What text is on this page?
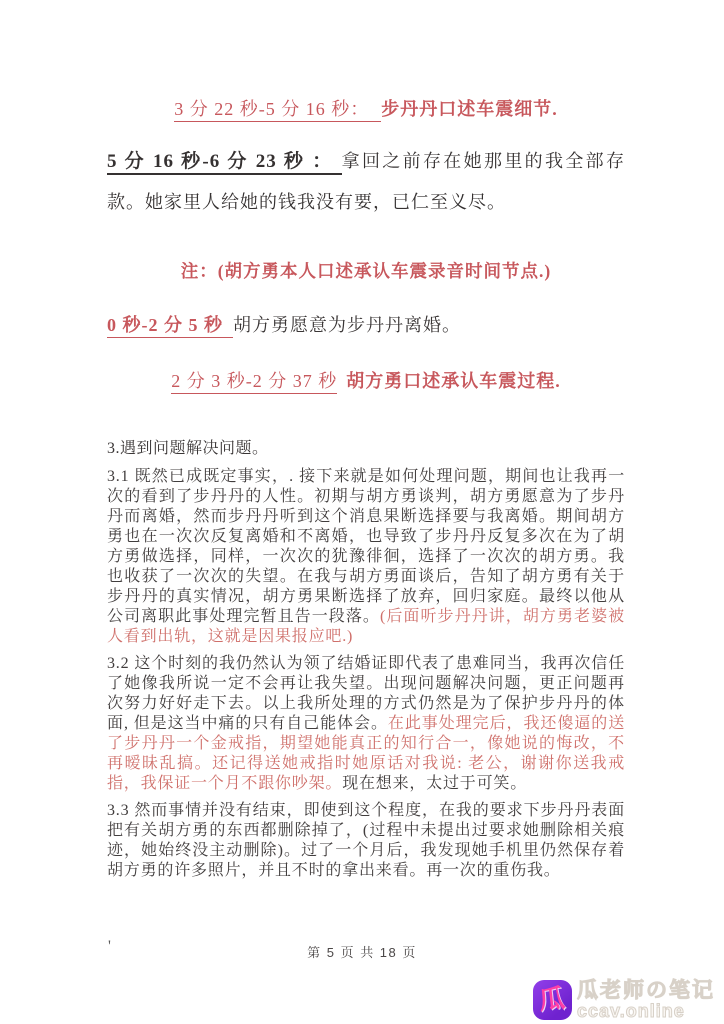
3 分 22 秒-5 分 16 秒： 步丹丹口述车震细节.

5 分 16 秒-6 分 23 秒 ： 拿回之前存在她那里的我全部存款。她家里人给她的钱我没有要，已仁至义尽。

注：(胡方勇本人口述承认车震录音时间节点.)
0 秒-2 分 5 秒 胡方勇愿意为步丹丹离婚。
2 分 3 秒-2 分 37 秒 胡方勇口述承认车震过程.
3.遇到问题解决问题。

3.1 既然已成既定事实，. 接下来就是如何处理问题，期间也让我再一次的看到了步丹丹的人性。初期与胡方勇谈判，胡方勇愿意为了步丹丹而离婚，然而步丹丹听到这个消息果断选择要与我离婚。期间胡方勇也在一次次反复离婚和不离婚，也导致了步丹丹反复多次在为了胡方勇做选择，同样，一次次的犹豫徘徊，选择了一次次的胡方勇。我也收获了一次次的失望。在我与胡方勇面谈后，告知了胡方勇有关于步丹丹的真实情况，胡方勇果断选择了放弃，回归家庭。最终以他从公司离职此事处理完暂且告一段落。(后面听步丹丹讲，胡方勇老婆被人看到出轨，这就是因果报应吧.)

3.2 这个时刻的我仍然认为领了结婚证即代表了患难同当，我再次信任了她像我所说一定不会再让我失望。出现问题解决问题，更正问题再次努力好好走下去。以上我所处理的方式仍然是为了保护步丹丹的体面, 但是这当中痛的只有自己能体会。在此事处理完后，我还傻逼的送了步丹丹一个金戒指，期望她能真正的知行合一，像她说的悔改，不再暧昧乱搞。还记得送她戒指时她原话对我说: 老公，谢谢你送我戒指，我保证一个月不跟你吵架。现在想来，太过于可笑。

3.3 然而事情并没有结束，即使到这个程度，在我的要求下步丹丹表面把有关胡方勇的东西都删除掉了，(过程中未提出过要求她删除相关痕迹，她始终没主动删除)。过了一个月后，我发现她手机里仍然保存着胡方勇的许多照片，并且不时的拿出来看。再一次的重伤我。

'	第 5 页 共 18 页
瓜 瓜老师の笔记
ccav.online
